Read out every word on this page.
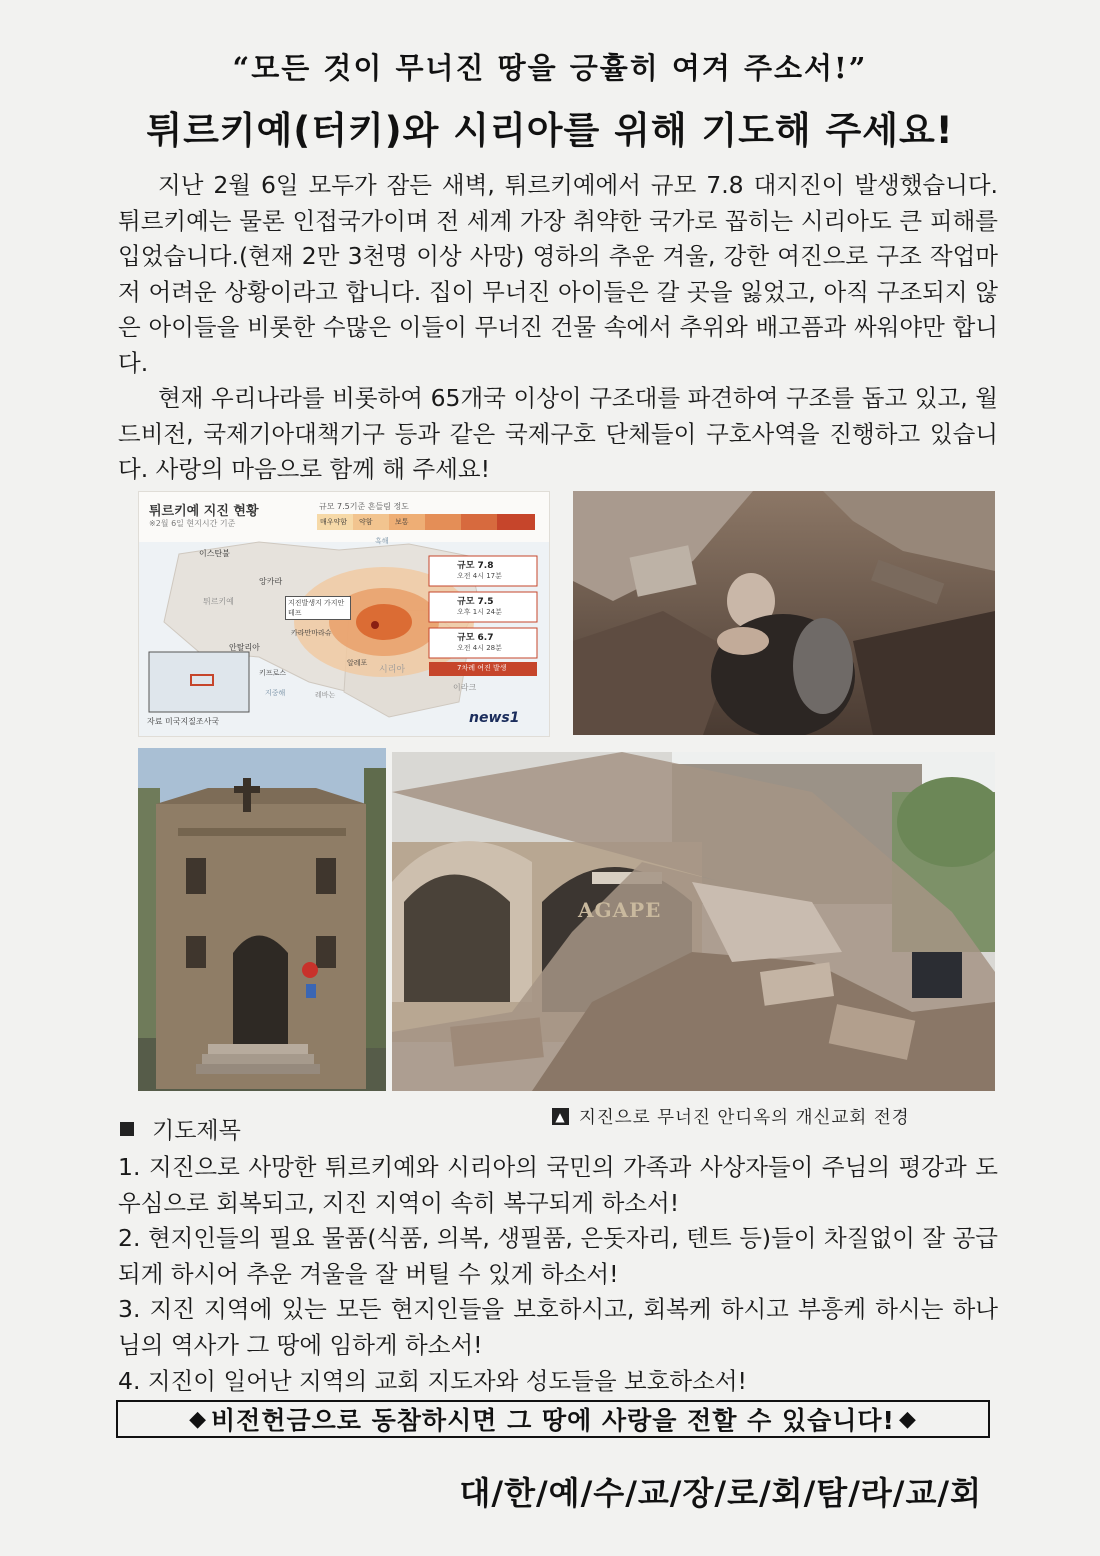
“모든 것이 무너진 땅을 긍휼히 여겨 주소서!”
튀르키예(터키)와 시리아를 위해 기도해 주세요!

지난 2월 6일 모두가 잠든 새벽, 튀르키예에서 규모 7.8 대지진이 발생했습니다. 튀르키예는 물론 인접국가이며 전 세계 가장 취약한 국가로 꼽히는 시리아도 큰 피해를 입었습니다.(현재 2만 3천명 이상 사망) 영하의 추운 겨울, 강한 여진으로 구조 작업마저 어려운 상황이라고 합니다. 집이 무너진 아이들은 갈 곳을 잃었고, 아직 구조되지 않은 아이들을 비롯한 수많은 이들이 무너진 건물 속에서 추위와 배고픔과 싸워야만 합니다.

현재 우리나라를 비롯하여 65개국 이상이 구조대를 파견하여 구조를 돕고 있고, 월드비전, 국제기아대책기구 등과 같은 국제구호 단체들이 구호사역을 진행하고 있습니다. 사랑의 마음으로 함께 해 주세요!

튀르키예 지진 현황
※2월 6일 현지시간 기준
규모 7.5기준 흔들림 정도
매우약함 약함	보통
흑해
이스탄불
앙카라
튀르키예	지진발생지 가지안테프
카라만마라슈
안탈리아
알레포
시리아
키프로스
지중해	레바논
이라크
규모 7.8
오전 4시 17분
규모 7.5
오후 1시 24분
규모 6.7
오전 4시 28분
7차례 여진 발생
자료 미국지질조사국	news1
AGAPE
▲ 지진으로 무너진 안디옥의 개신교회 전경
기도제목
1. 지진으로 사망한 튀르키예와 시리아의 국민의 가족과 사상자들이 주님의 평강과 도우심으로 회복되고, 지진 지역이 속히 복구되게 하소서!
2. 현지인들의 필요 물품(식품, 의복, 생필품, 은돗자리, 텐트 등)들이 차질없이 잘 공급되게 하시어 추운 겨울을 잘 버틸 수 있게 하소서!
3. 지진 지역에 있는 모든 현지인들을 보호하시고, 회복케 하시고 부흥케 하시는 하나님의 역사가 그 땅에 임하게 하소서!
4. 지진이 일어난 지역의 교회 지도자와 성도들을 보호하소서!
◆ 비전헌금으로 동참하시면 그 땅에 사랑을 전할 수 있습니다! ◆
대/한/예/수/교/장/로/회/탐/라/교/회
